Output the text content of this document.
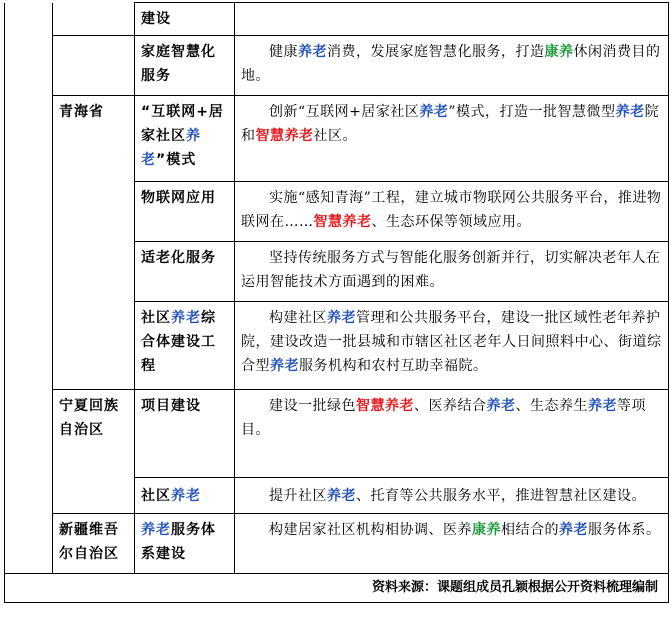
		建设	
		家庭智慧化服务	健康养老消费，发展家庭智慧化服务，打造康养休闲消费目的地。
	青海省	“互联网+居家社区养老”模式	创新“互联网+居家社区养老”模式，打造一批智慧微型养老院和智慧养老社区。
		物联网应用	实施“感知青海”工程，建立城市物联网公共服务平台，推进物联网在……智慧养老、生态环保等领域应用。
		适老化服务	坚持传统服务方式与智能化服务创新并行，切实解决老年人在运用智能技术方面遇到的困难。
		社区养老综合体建设工程	构建社区养老管理和公共服务平台，建设一批区域性老年养护院，建设改造一批县城和市辖区社区老年人日间照料中心、街道综合型养老服务机构和农村互助幸福院。
	宁夏回族自治区	项目建设	建设一批绿色智慧养老、医养结合养老、生态养生养老等项目。
		社区养老	提升社区养老、托育等公共服务水平，推进智慧社区建设。
	新疆维吾尔自治区	养老服务体系建设	构建居家社区机构相协调、医养康养相结合的养老服务体系。
资料来源：课题组成员孔颖根据公开资料梳理编制			
